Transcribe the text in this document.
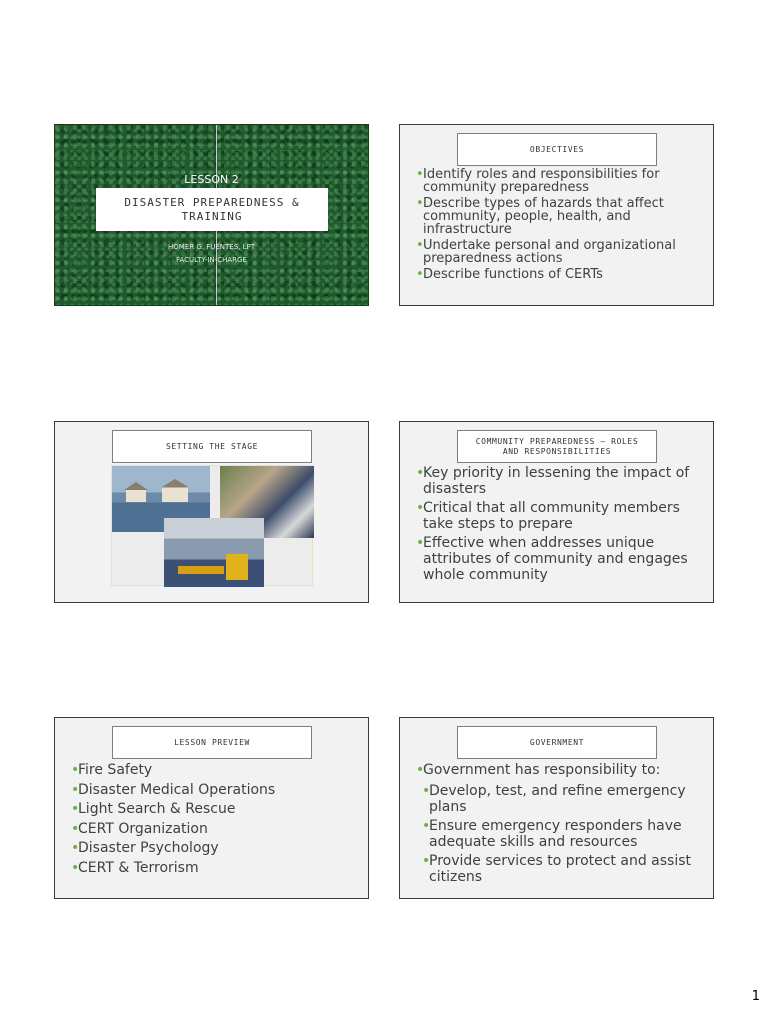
LESSON 2
DISASTER PREPAREDNESS &
TRAINING
HOMER G. FUENTES, LPT
FACULTY-IN-CHARGE
OBJECTIVES
• Identify roles and responsibilities for community preparedness
• Describe types of hazards that affect community, people, health, and infrastructure
• Undertake personal and organizational preparedness actions
• Describe functions of CERTs
SETTING THE STAGE
COMMUNITY PREPAREDNESS – ROLES
AND RESPONSIBILITIES
• Key priority in lessening the impact of disasters
• Critical that all community members take steps to prepare
• Effective when addresses unique attributes of community and engages whole community
LESSON PREVIEW
• Fire Safety
• Disaster Medical Operations
• Light Search & Rescue
• CERT Organization
• Disaster Psychology
• CERT & Terrorism
GOVERNMENT
• Government has responsibility to:
• Develop, test, and refine emergency plans
• Ensure emergency responders have adequate skills and resources
• Provide services to protect and assist citizens
1
